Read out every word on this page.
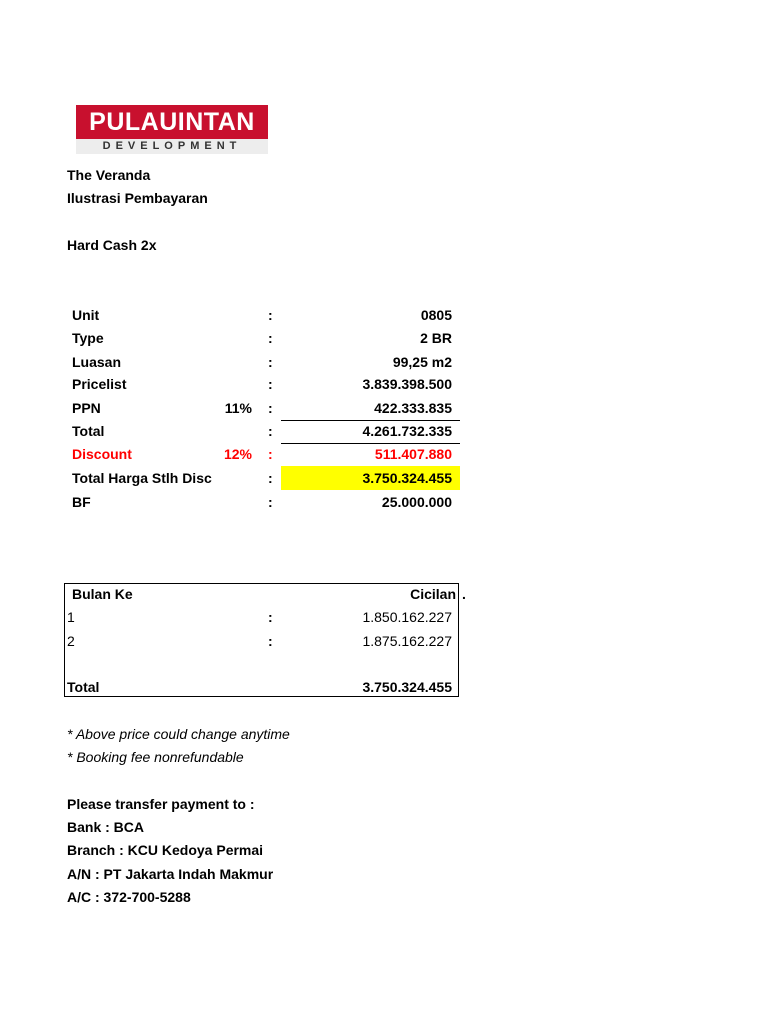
PULAUINTAN
DEVELOPMENT
The Veranda
Ilustrasi Pembayaran
Hard Cash 2x
Unit	:	0805
Type	:	2 BR
Luasan	:	99,25 m2
Pricelist	:	3.839.398.500
PPN	11% :	422.333.835
Total	:	4.261.732.335
Discount	12% :	511.407.880
Total Harga Stlh Disc	:	3.750.324.455
BF	:	25.000.000
Bulan Ke	Cicilan .
1	:	1.850.162.227
2	:	1.875.162.227
Total	3.750.324.455
* Above price could change anytime
* Booking fee nonrefundable
Please transfer payment to :
Bank : BCA
Branch : KCU Kedoya Permai
A/N : PT Jakarta Indah Makmur
A/C : 372-700-5288
